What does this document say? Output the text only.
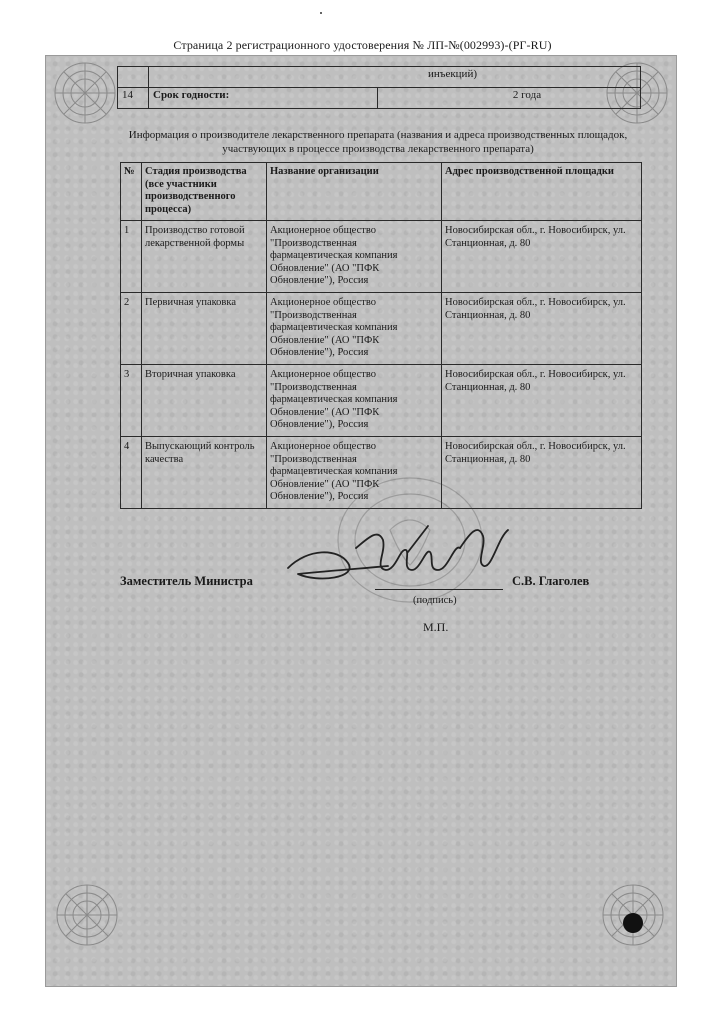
Страница 2 регистрационного удостоверения № ЛП-№(002993)-(РГ-RU)
	инъекций)	
14	Срок годности:	2 года
Информация о производителе лекарственного препарата (названия и адреса производственных площадок, участвующих в процессе производства лекарственного препарата)
№	Стадия производства (все участники производственного процесса)	Название организации	Адрес производственной площадки
1	Производство готовой лекарственной формы	Акционерное общество "Производственная фармацевтическая компания Обновление" (АО "ПФК Обновление"), Россия	Новосибирская обл., г. Новосибирск, ул. Станционная, д. 80
2	Первичная упаковка	Акционерное общество "Производственная фармацевтическая компания Обновление" (АО "ПФК Обновление"), Россия	Новосибирская обл., г. Новосибирск, ул. Станционная, д. 80
3	Вторичная упаковка	Акционерное общество "Производственная фармацевтическая компания Обновление" (АО "ПФК Обновление"), Россия	Новосибирская обл., г. Новосибирск, ул. Станционная, д. 80
4	Выпускающий контроль качества	Акционерное общество "Производственная фармацевтическая компания Обновление" (АО "ПФК Обновление"), Россия	Новосибирская обл., г. Новосибирск, ул. Станционная, д. 80
Заместитель Министра	С.В. Глаголев
(подпись)
М.П.
